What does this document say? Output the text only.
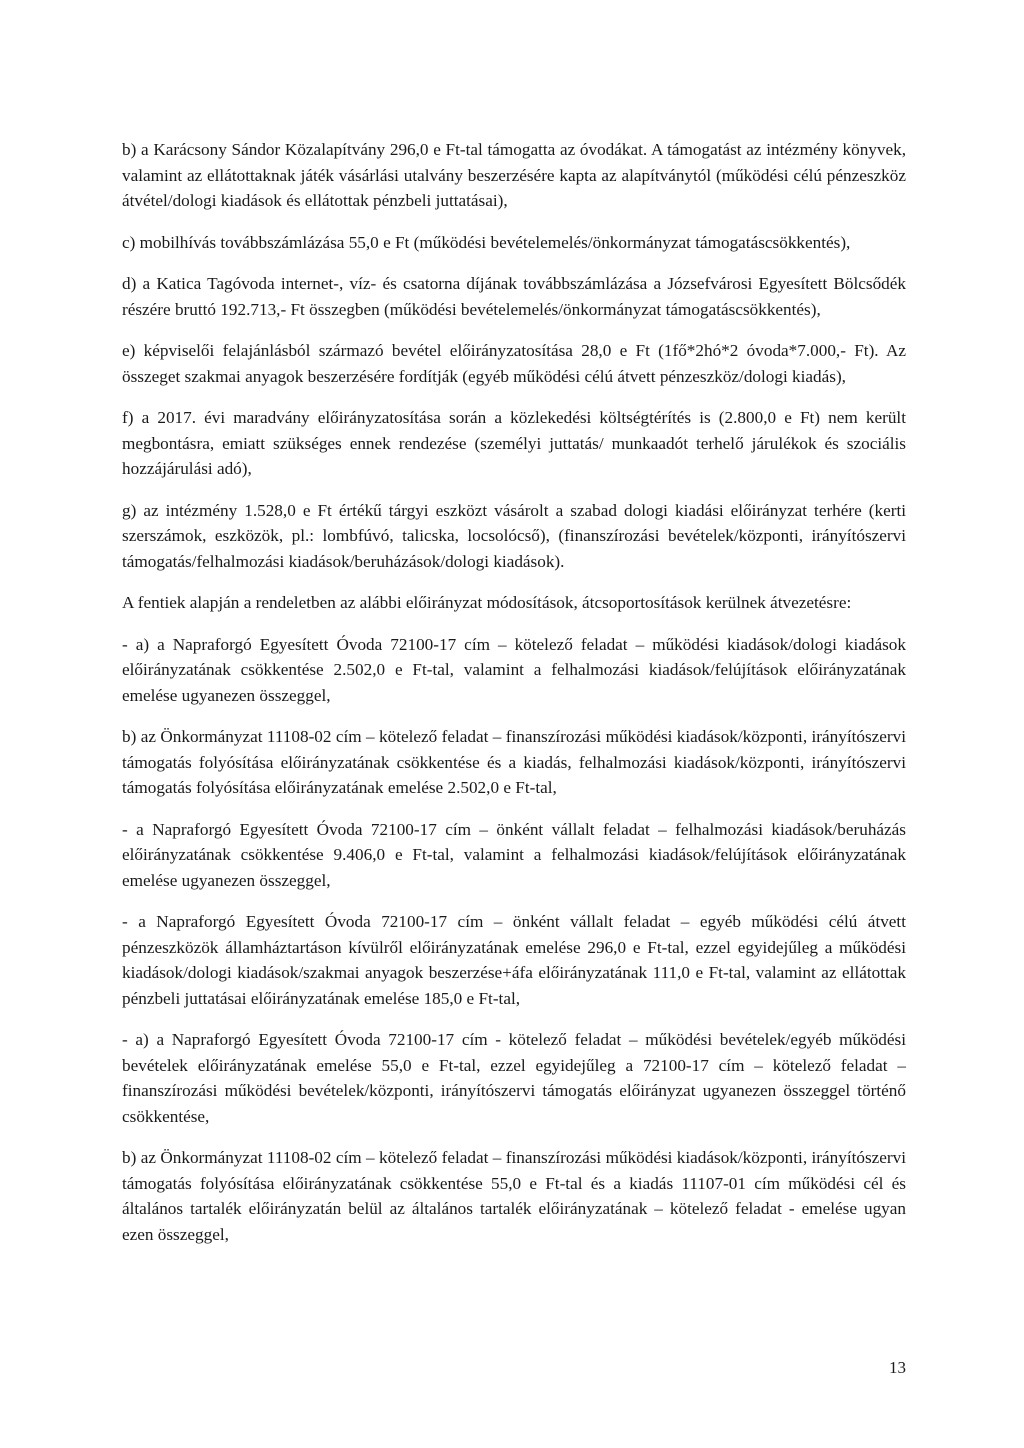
b) a Karácsony Sándor Közalapítvány 296,0 e Ft-tal támogatta az óvodákat. A támogatást az intézmény könyvek, valamint az ellátottaknak játék vásárlási utalvány beszerzésére kapta az alapítványtól (működési célú pénzeszköz átvétel/dologi kiadások és ellátottak pénzbeli juttatásai),

c) mobilhívás továbbszámlázása 55,0 e Ft (működési bevételemelés/önkormányzat támogatáscsökkentés),

d) a Katica Tagóvoda internet-, víz- és csatorna díjának továbbszámlázása a Józsefvárosi Egyesített Bölcsődék részére bruttó 192.713,- Ft összegben (működési bevételemelés/önkormányzat támogatáscsökkentés),

e) képviselői felajánlásból származó bevétel előirányzatosítása 28,0 e Ft (1fő*2hó*2 óvoda*7.000,- Ft). Az összeget szakmai anyagok beszerzésére fordítják (egyéb működési célú átvett pénzeszköz/dologi kiadás),

f) a 2017. évi maradvány előirányzatosítása során a közlekedési költségtérítés is (2.800,0 e Ft) nem került megbontásra, emiatt szükséges ennek rendezése (személyi juttatás/ munkaadót terhelő járulékok és szociális hozzájárulási adó),

g) az intézmény 1.528,0 e Ft értékű tárgyi eszközt vásárolt a szabad dologi kiadási előirányzat terhére (kerti szerszámok, eszközök, pl.: lombfúvó, talicska, locsolócső), (finanszírozási bevételek/központi, irányítószervi támogatás/felhalmozási kiadások/beruházások/dologi kiadások).

A fentiek alapján a rendeletben az alábbi előirányzat módosítások, átcsoportosítások kerülnek átvezetésre:

- a) a Napraforgó Egyesített Óvoda 72100-17 cím – kötelező feladat – működési kiadások/dologi kiadások előirányzatának csökkentése 2.502,0 e Ft-tal, valamint a felhalmozási kiadások/felújítások előirányzatának emelése ugyanezen összeggel,

b) az Önkormányzat 11108-02 cím – kötelező feladat – finanszírozási működési kiadások/központi, irányítószervi támogatás folyósítása előirányzatának csökkentése és a kiadás, felhalmozási kiadások/központi, irányítószervi támogatás folyósítása előirányzatának emelése 2.502,0 e Ft-tal,

- a Napraforgó Egyesített Óvoda 72100-17 cím – önként vállalt feladat – felhalmozási kiadások/beruházás előirányzatának csökkentése 9.406,0 e Ft-tal, valamint a felhalmozási kiadások/felújítások előirányzatának emelése ugyanezen összeggel,

- a Napraforgó Egyesített Óvoda 72100-17 cím – önként vállalt feladat – egyéb működési célú átvett pénzeszközök államháztartáson kívülről előirányzatának emelése 296,0 e Ft-tal, ezzel egyidejűleg a működési kiadások/dologi kiadások/szakmai anyagok beszerzése+áfa előirányzatának 111,0 e Ft-tal, valamint az ellátottak pénzbeli juttatásai előirányzatának emelése 185,0 e Ft-tal,

- a) a Napraforgó Egyesített Óvoda 72100-17 cím - kötelező feladat – működési bevételek/egyéb működési bevételek előirányzatának emelése 55,0 e Ft-tal, ezzel egyidejűleg a 72100-17 cím – kötelező feladat – finanszírozási működési bevételek/központi, irányítószervi támogatás előirányzat ugyanezen összeggel történő csökkentése,

b) az Önkormányzat 11108-02 cím – kötelező feladat – finanszírozási működési kiadások/központi, irányítószervi támogatás folyósítása előirányzatának csökkentése 55,0 e Ft-tal és a kiadás 11107-01 cím működési cél és általános tartalék előirányzatán belül az általános tartalék előirányzatának – kötelező feladat - emelése ugyan ezen összeggel,

13
